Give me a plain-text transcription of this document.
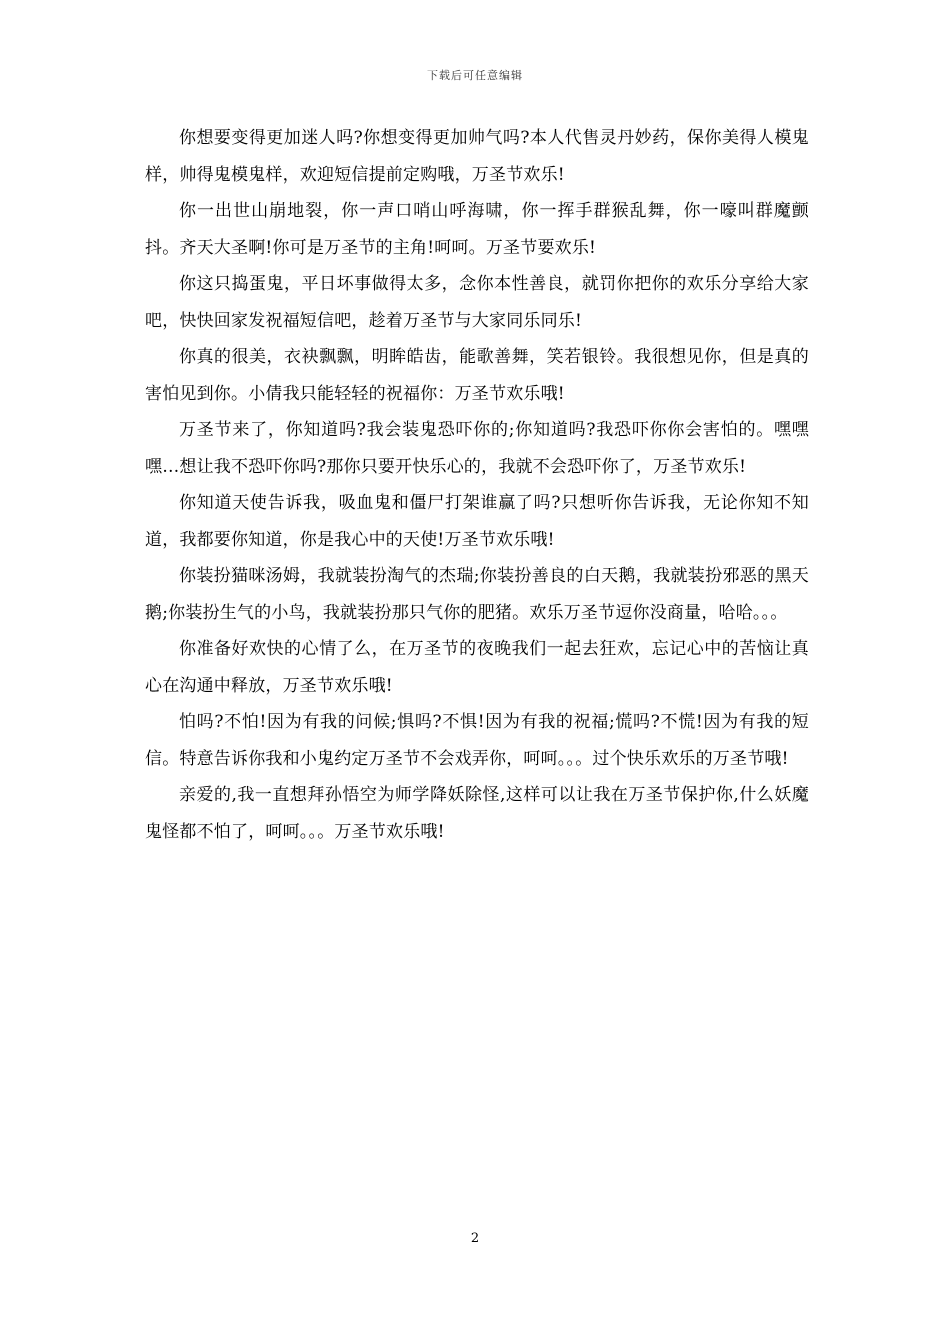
下载后可任意编辑

你想要变得更加迷人吗?你想变得更加帅气吗?本人代售灵丹妙药，保你美得人模鬼样，帅得鬼模鬼样，欢迎短信提前定购哦，万圣节欢乐!

你一出世山崩地裂，你一声口哨山呼海啸，你一挥手群猴乱舞，你一嚎叫群魔颤抖。齐天大圣啊!你可是万圣节的主角!呵呵。万圣节要欢乐!

你这只捣蛋鬼，平日坏事做得太多，念你本性善良，就罚你把你的欢乐分享给大家吧，快快回家发祝福短信吧，趁着万圣节与大家同乐同乐!

你真的很美，衣袂飘飘，明眸皓齿，能歌善舞，笑若银铃。我很想见你，但是真的害怕见到你。小倩我只能轻轻的祝福你：万圣节欢乐哦!

万圣节来了，你知道吗?我会装鬼恐吓你的;你知道吗?我恐吓你你会害怕的。嘿嘿嘿…想让我不恐吓你吗?那你只要开快乐心的，我就不会恐吓你了，万圣节欢乐!

你知道天使告诉我，吸血鬼和僵尸打架谁赢了吗?只想听你告诉我，无论你知不知道，我都要你知道，你是我心中的天使!万圣节欢乐哦!

你装扮猫咪汤姆，我就装扮淘气的杰瑞;你装扮善良的白天鹅，我就装扮邪恶的黑天鹅;你装扮生气的小鸟，我就装扮那只气你的肥猪。欢乐万圣节逗你没商量，哈哈。。。

你准备好欢快的心情了么，在万圣节的夜晚我们一起去狂欢，忘记心中的苦恼让真心在沟通中释放，万圣节欢乐哦!

怕吗?不怕!因为有我的问候;惧吗?不惧!因为有我的祝福;慌吗?不慌!因为有我的短信。特意告诉你我和小鬼约定万圣节不会戏弄你，呵呵。。。过个快乐欢乐的万圣节哦!

亲爱的,我一直想拜孙悟空为师学降妖除怪,这样可以让我在万圣节保护你,什么妖魔鬼怪都不怕了，呵呵。。。万圣节欢乐哦!

2
